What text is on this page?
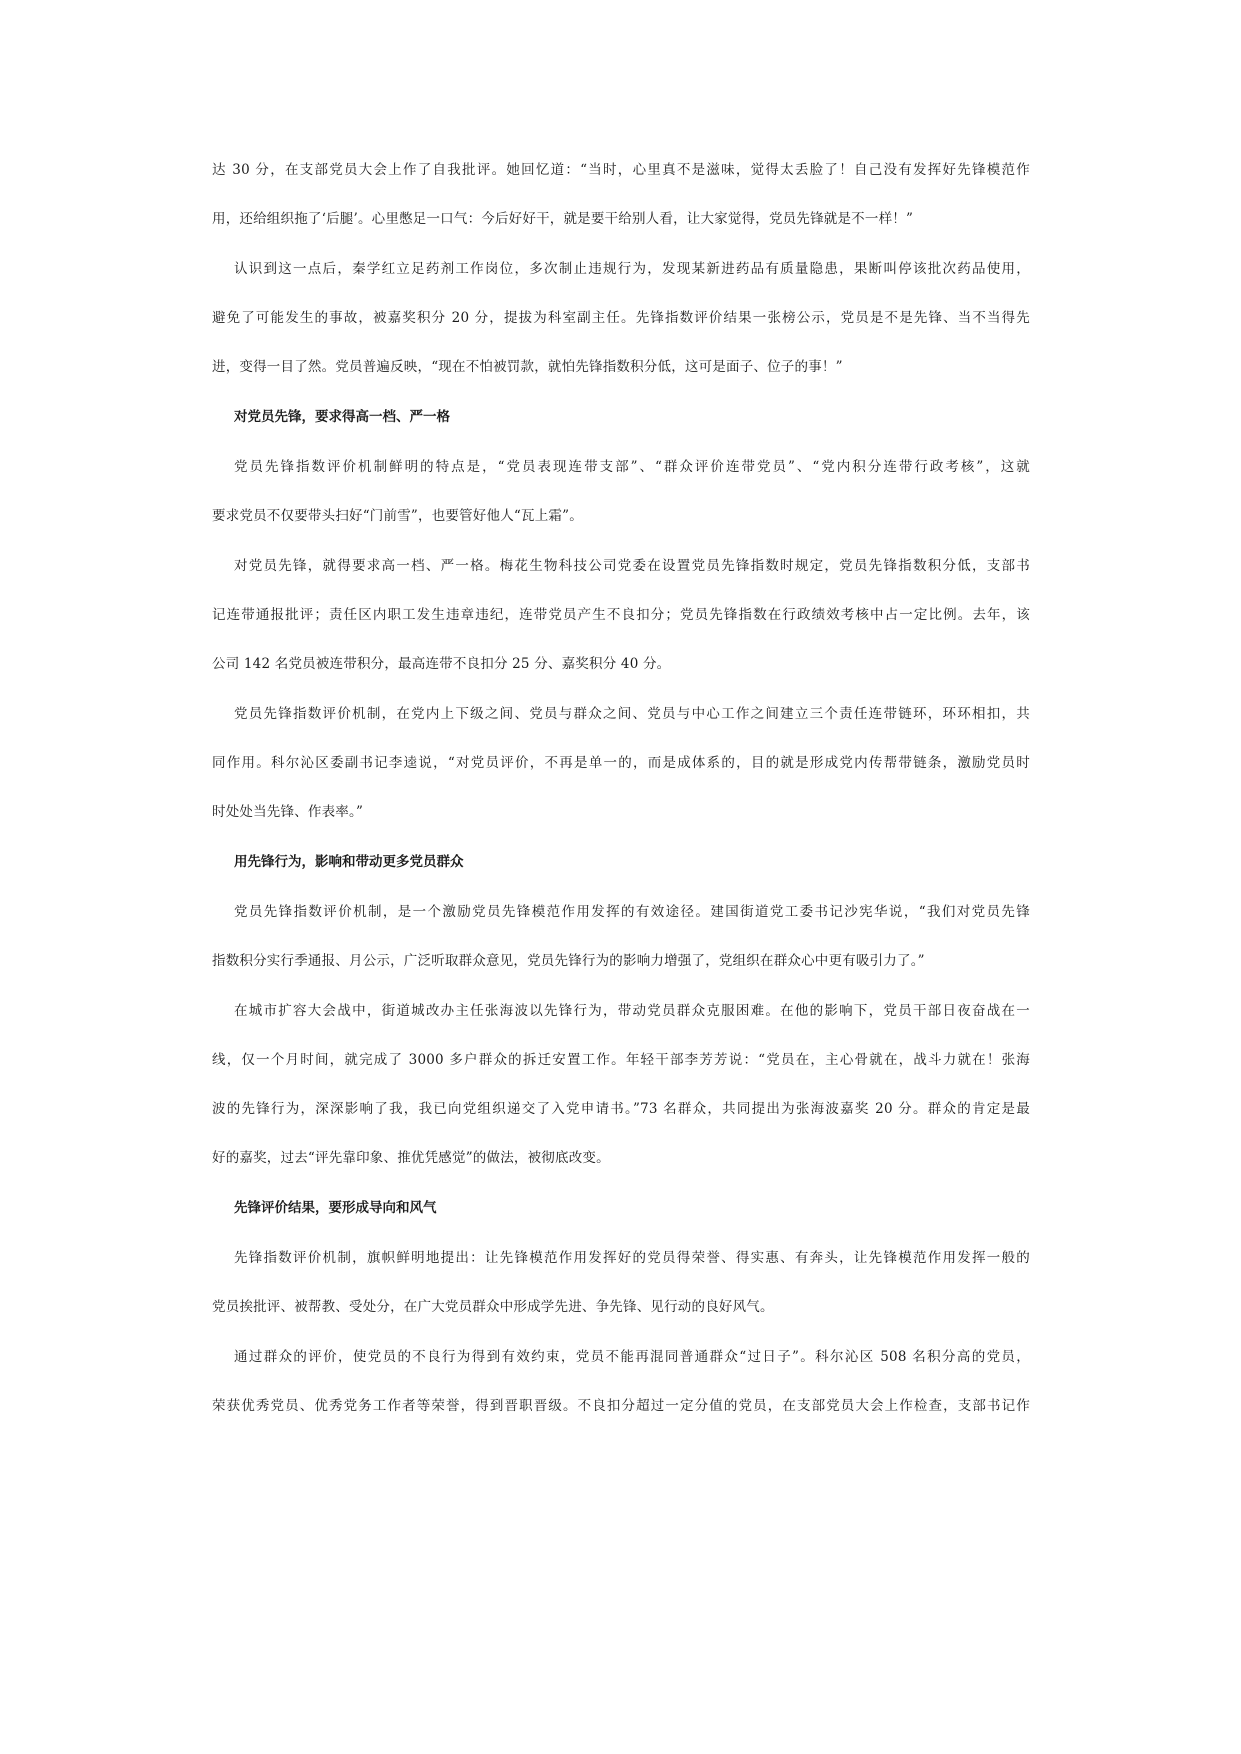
达 30 分，在支部党员大会上作了自我批评。她回忆道：“当时，心里真不是滋味，觉得太丢脸了！自己没有发挥好先锋模范作
用，还给组织拖了‘后腿’。心里憋足一口气：今后好好干，就是要干给别人看，让大家觉得，党员先锋就是不一样！”
认识到这一点后，秦学红立足药剂工作岗位，多次制止违规行为，发现某新进药品有质量隐患，果断叫停该批次药品使用，
避免了可能发生的事故，被嘉奖积分 20 分，提拔为科室副主任。先锋指数评价结果一张榜公示，党员是不是先锋、当不当得先
进，变得一目了然。党员普遍反映，“现在不怕被罚款，就怕先锋指数积分低，这可是面子、位子的事！”
对党员先锋，要求得高一档、严一格
党员先锋指数评价机制鲜明的特点是，“党员表现连带支部”、“群众评价连带党员”、“党内积分连带行政考核”，这就
要求党员不仅要带头扫好“门前雪”，也要管好他人“瓦上霜”。
对党员先锋，就得要求高一档、严一格。梅花生物科技公司党委在设置党员先锋指数时规定，党员先锋指数积分低，支部书
记连带通报批评；责任区内职工发生违章违纪，连带党员产生不良扣分；党员先锋指数在行政绩效考核中占一定比例。去年，该
公司 142 名党员被连带积分，最高连带不良扣分 25 分、嘉奖积分 40 分。
党员先锋指数评价机制，在党内上下级之间、党员与群众之间、党员与中心工作之间建立三个责任连带链环，环环相扣，共
同作用。科尔沁区委副书记李逵说，“对党员评价，不再是单一的，而是成体系的，目的就是形成党内传帮带链条，激励党员时
时处处当先锋、作表率。”
用先锋行为，影响和带动更多党员群众
党员先锋指数评价机制，是一个激励党员先锋模范作用发挥的有效途径。建国街道党工委书记沙宪华说，“我们对党员先锋
指数积分实行季通报、月公示，广泛听取群众意见，党员先锋行为的影响力增强了，党组织在群众心中更有吸引力了。”
在城市扩容大会战中，街道城改办主任张海波以先锋行为，带动党员群众克服困难。在他的影响下，党员干部日夜奋战在一
线，仅一个月时间，就完成了 3000 多户群众的拆迁安置工作。年轻干部李芳芳说：“党员在，主心骨就在，战斗力就在！张海
波的先锋行为，深深影响了我，我已向党组织递交了入党申请书。”73 名群众，共同提出为张海波嘉奖 20 分。群众的肯定是最
好的嘉奖，过去“评先靠印象、推优凭感觉”的做法，被彻底改变。
先锋评价结果，要形成导向和风气
先锋指数评价机制，旗帜鲜明地提出：让先锋模范作用发挥好的党员得荣誉、得实惠、有奔头，让先锋模范作用发挥一般的
党员挨批评、被帮教、受处分，在广大党员群众中形成学先进、争先锋、见行动的良好风气。
通过群众的评价，使党员的不良行为得到有效约束，党员不能再混同普通群众“过日子”。科尔沁区 508 名积分高的党员，
荣获优秀党员、优秀党务工作者等荣誉，得到晋职晋级。不良扣分超过一定分值的党员，在支部党员大会上作检查，支部书记作
